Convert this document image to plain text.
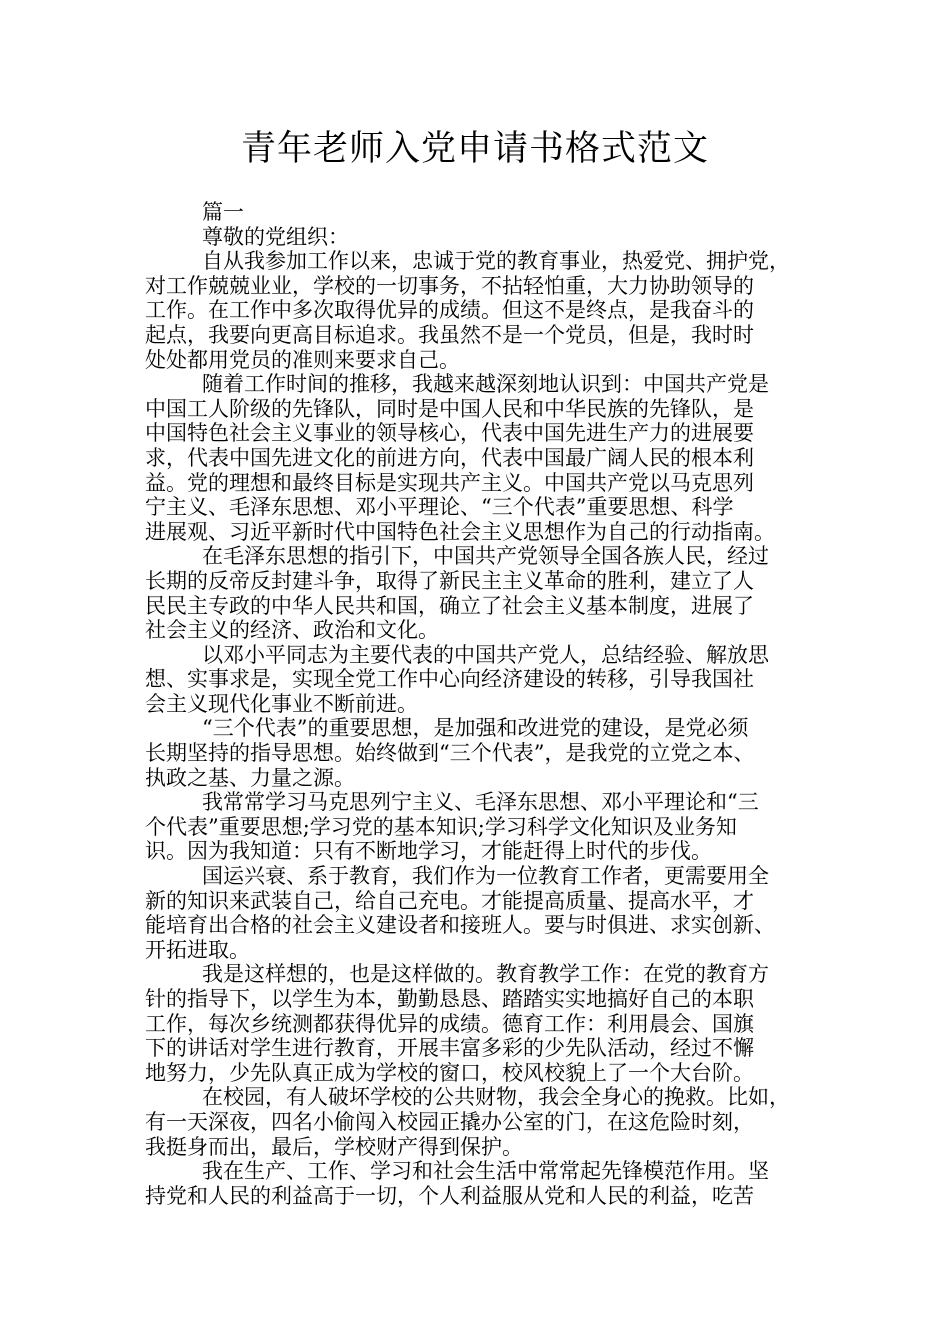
青年老师入党申请书格式范文
篇一
尊敬的党组织：
自从我参加工作以来，忠诚于党的教育事业，热爱党、拥护党，
对工作兢兢业业，学校的一切事务，不拈轻怕重，大力协助领导的
工作。在工作中多次取得优异的成绩。但这不是终点，是我奋斗的
起点，我要向更高目标追求。我虽然不是一个党员，但是，我时时
处处都用党员的准则来要求自己。
随着工作时间的推移，我越来越深刻地认识到：中国共产党是
中国工人阶级的先锋队，同时是中国人民和中华民族的先锋队，是
中国特色社会主义事业的领导核心，代表中国先进生产力的进展要
求，代表中国先进文化的前进方向，代表中国最广阔人民的根本利
益。党的理想和最终目标是实现共产主义。中国共产党以马克思列
宁主义、毛泽东思想、邓小平理论、“三个代表”重要思想、科学
进展观、习近平新时代中国特色社会主义思想作为自己的行动指南。
在毛泽东思想的指引下，中国共产党领导全国各族人民，经过
长期的反帝反封建斗争，取得了新民主主义革命的胜利，建立了人
民民主专政的中华人民共和国，确立了社会主义基本制度，进展了
社会主义的经济、政治和文化。
以邓小平同志为主要代表的中国共产党人，总结经验、解放思
想、实事求是，实现全党工作中心向经济建设的转移，引导我国社
会主义现代化事业不断前进。
“三个代表”的重要思想，是加强和改进党的建设，是党必须
长期坚持的指导思想。始终做到“三个代表”，是我党的立党之本、
执政之基、力量之源。
我常常学习马克思列宁主义、毛泽东思想、邓小平理论和“三
个代表”重要思想;学习党的基本知识;学习科学文化知识及业务知
识。因为我知道：只有不断地学习，才能赶得上时代的步伐。
国运兴衰、系于教育，我们作为一位教育工作者，更需要用全
新的知识来武装自己，给自己充电。才能提高质量、提高水平，才
能培育出合格的社会主义建设者和接班人。要与时俱进、求实创新、
开拓进取。
我是这样想的，也是这样做的。教育教学工作：在党的教育方
针的指导下，以学生为本，勤勤恳恳、踏踏实实地搞好自己的本职
工作，每次乡统测都获得优异的成绩。德育工作：利用晨会、国旗
下的讲话对学生进行教育，开展丰富多彩的少先队活动，经过不懈
地努力，少先队真正成为学校的窗口，校风校貌上了一个大台阶。
在校园，有人破坏学校的公共财物，我会全身心的挽救。比如，
有一天深夜，四名小偷闯入校园正撬办公室的门，在这危险时刻，
我挺身而出，最后，学校财产得到保护。
我在生产、工作、学习和社会生活中常常起先锋模范作用。坚
持党和人民的利益高于一切，个人利益服从党和人民的利益，吃苦
